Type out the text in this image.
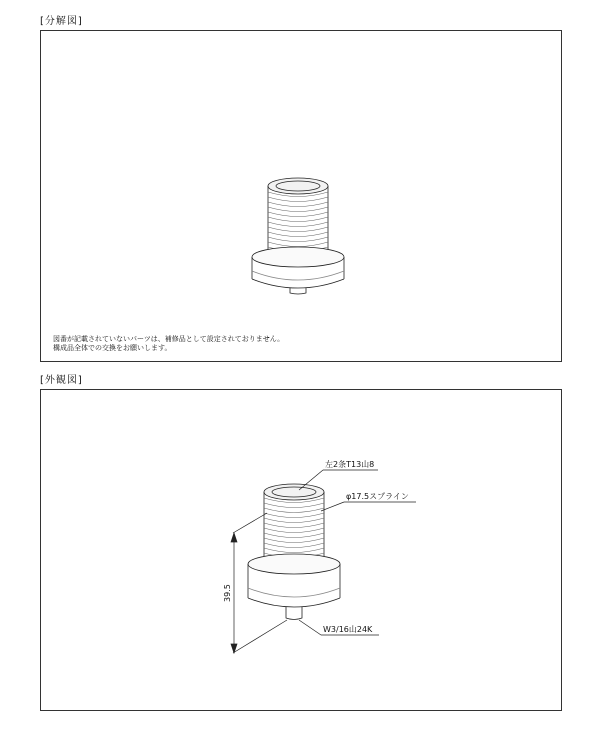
[分解図]
図番が記載されていないパーツは、補修品として設定されておりません。
構成品全体での交換をお願いします。
[外観図]
左2条T13山8
φ17.5スプライン
W3/16山24K
39.5
